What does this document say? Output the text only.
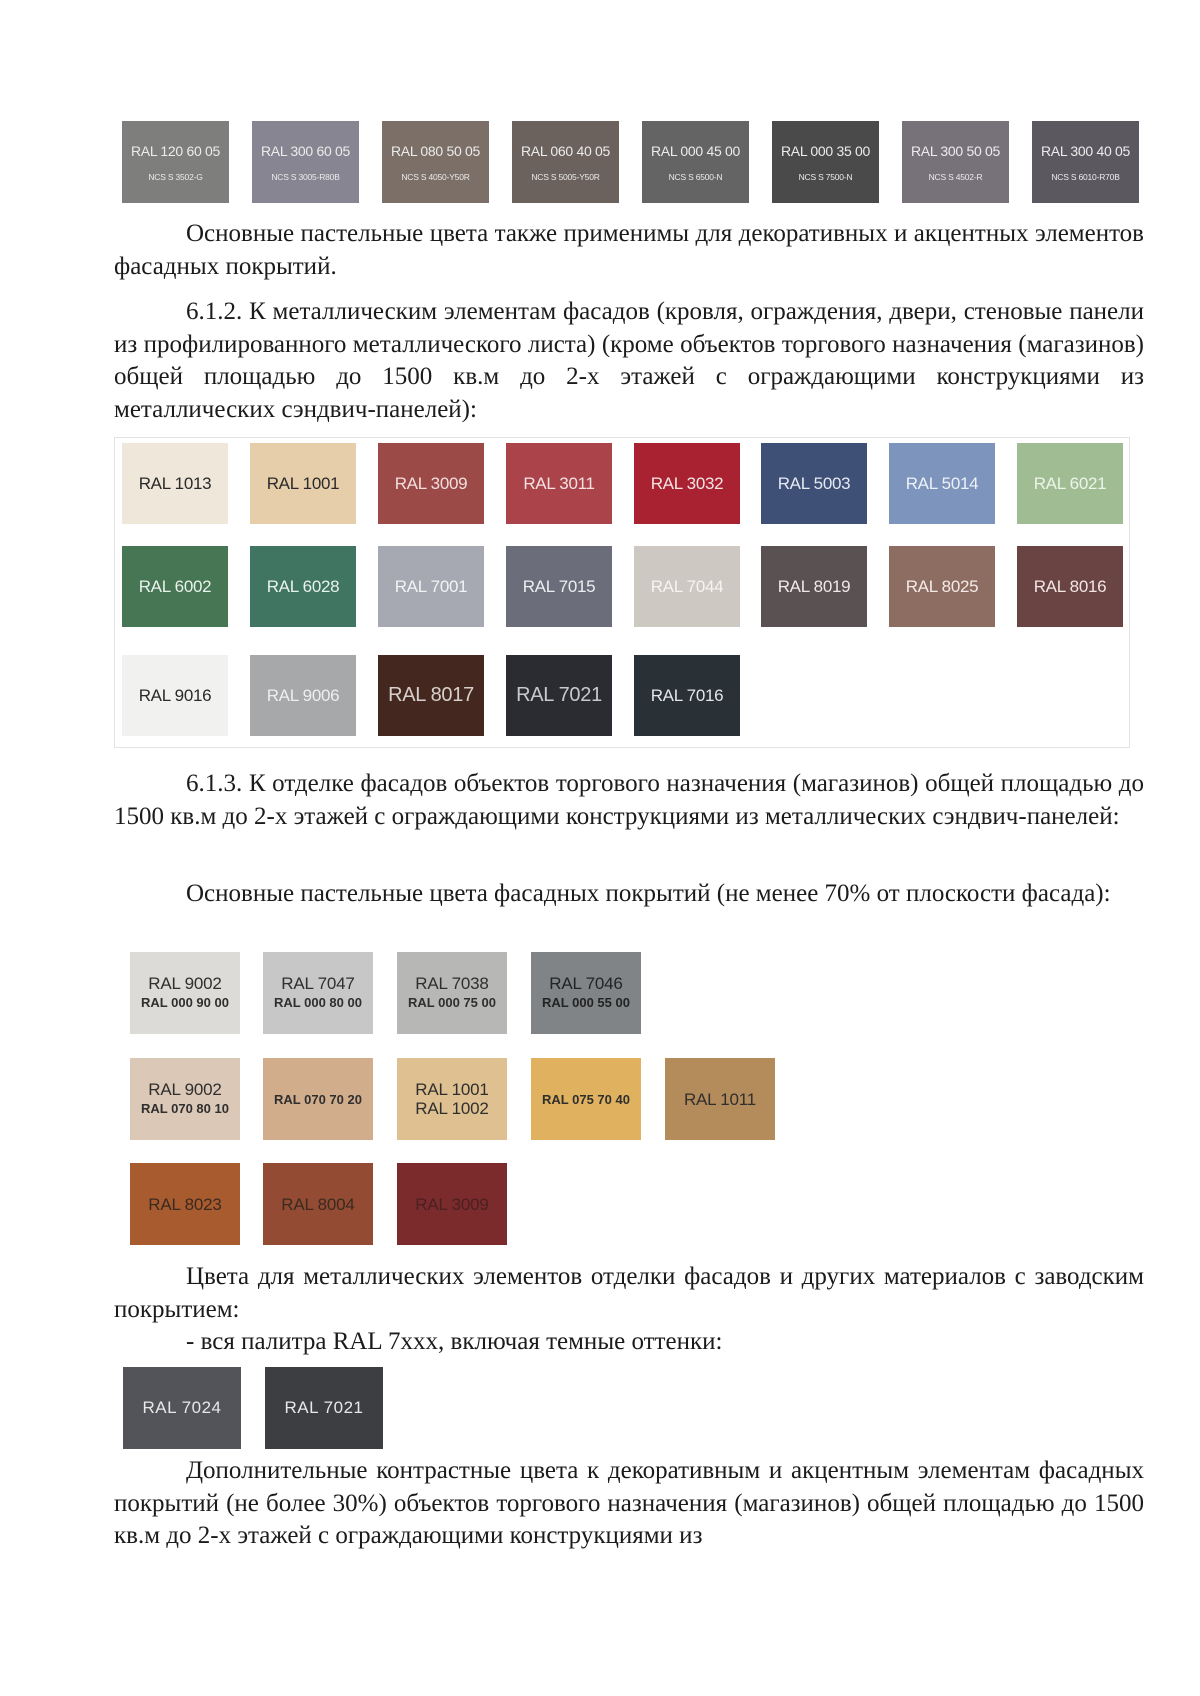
RAL 120 60 05
NCS S 3502-G
RAL 300 60 05
NCS S 3005-R80B
RAL 080 50 05
NCS S 4050-Y50R
RAL 060 40 05
NCS S 5005-Y50R
RAL 000 45 00
NCS S 6500-N
RAL 000 35 00
NCS S 7500-N
RAL 300 50 05
NCS S 4502-R
RAL 300 40 05
NCS S 6010-R70B

Основные пастельные цвета также применимы для декоративных и акцентных элементов фасадных покрытий.

6.1.2. К металлическим элементам фасадов (кровля, ограждения, двери, стеновые панели из профилированного металлического листа) (кроме объектов торгового назначения (магазинов) общей площадью до 1500 кв.м до 2-х этажей с ограждающими конструкциями из металлических сэндвич-панелей):

RAL 1013	RAL 1001	RAL 3009	RAL 3011	RAL 3032	RAL 5003	RAL 5014	RAL 6021
RAL 6002	RAL 6028	RAL 7001	RAL 7015	RAL 7044	RAL 8019	RAL 8025	RAL 8016
RAL 9016	RAL 9006	RAL 8017	RAL 7021	RAL 7016

6.1.3. К отделке фасадов объектов торгового назначения (магазинов) общей площадью до 1500 кв.м до 2-х этажей с ограждающими конструкциями из металлических сэндвич-панелей:

Основные пастельные цвета фасадных покрытий (не менее 70% от плоскости фасада):

RAL 9002
RAL 000 90 00
RAL 7047
RAL 000 80 00
RAL 7038
RAL 000 75 00
RAL 7046
RAL 000 55 00
RAL 9002
RAL 070 80 10
RAL 070 70 20	RAL 1001
RAL 1002	RAL 075 70 40	RAL 1011
RAL 8023	RAL 8004	RAL 3009

Цвета для металлических элементов отделки фасадов и других материалов с заводским покрытием:

- вся палитра RAL 7xxx, включая темные оттенки:

RAL 7024	RAL 7021

Дополнительные контрастные цвета к декоративным и акцентным элементам фасадных покрытий (не более 30%) объектов торгового назначения (магазинов) общей площадью до 1500 кв.м до 2-х этажей с ограждающими конструкциями из
